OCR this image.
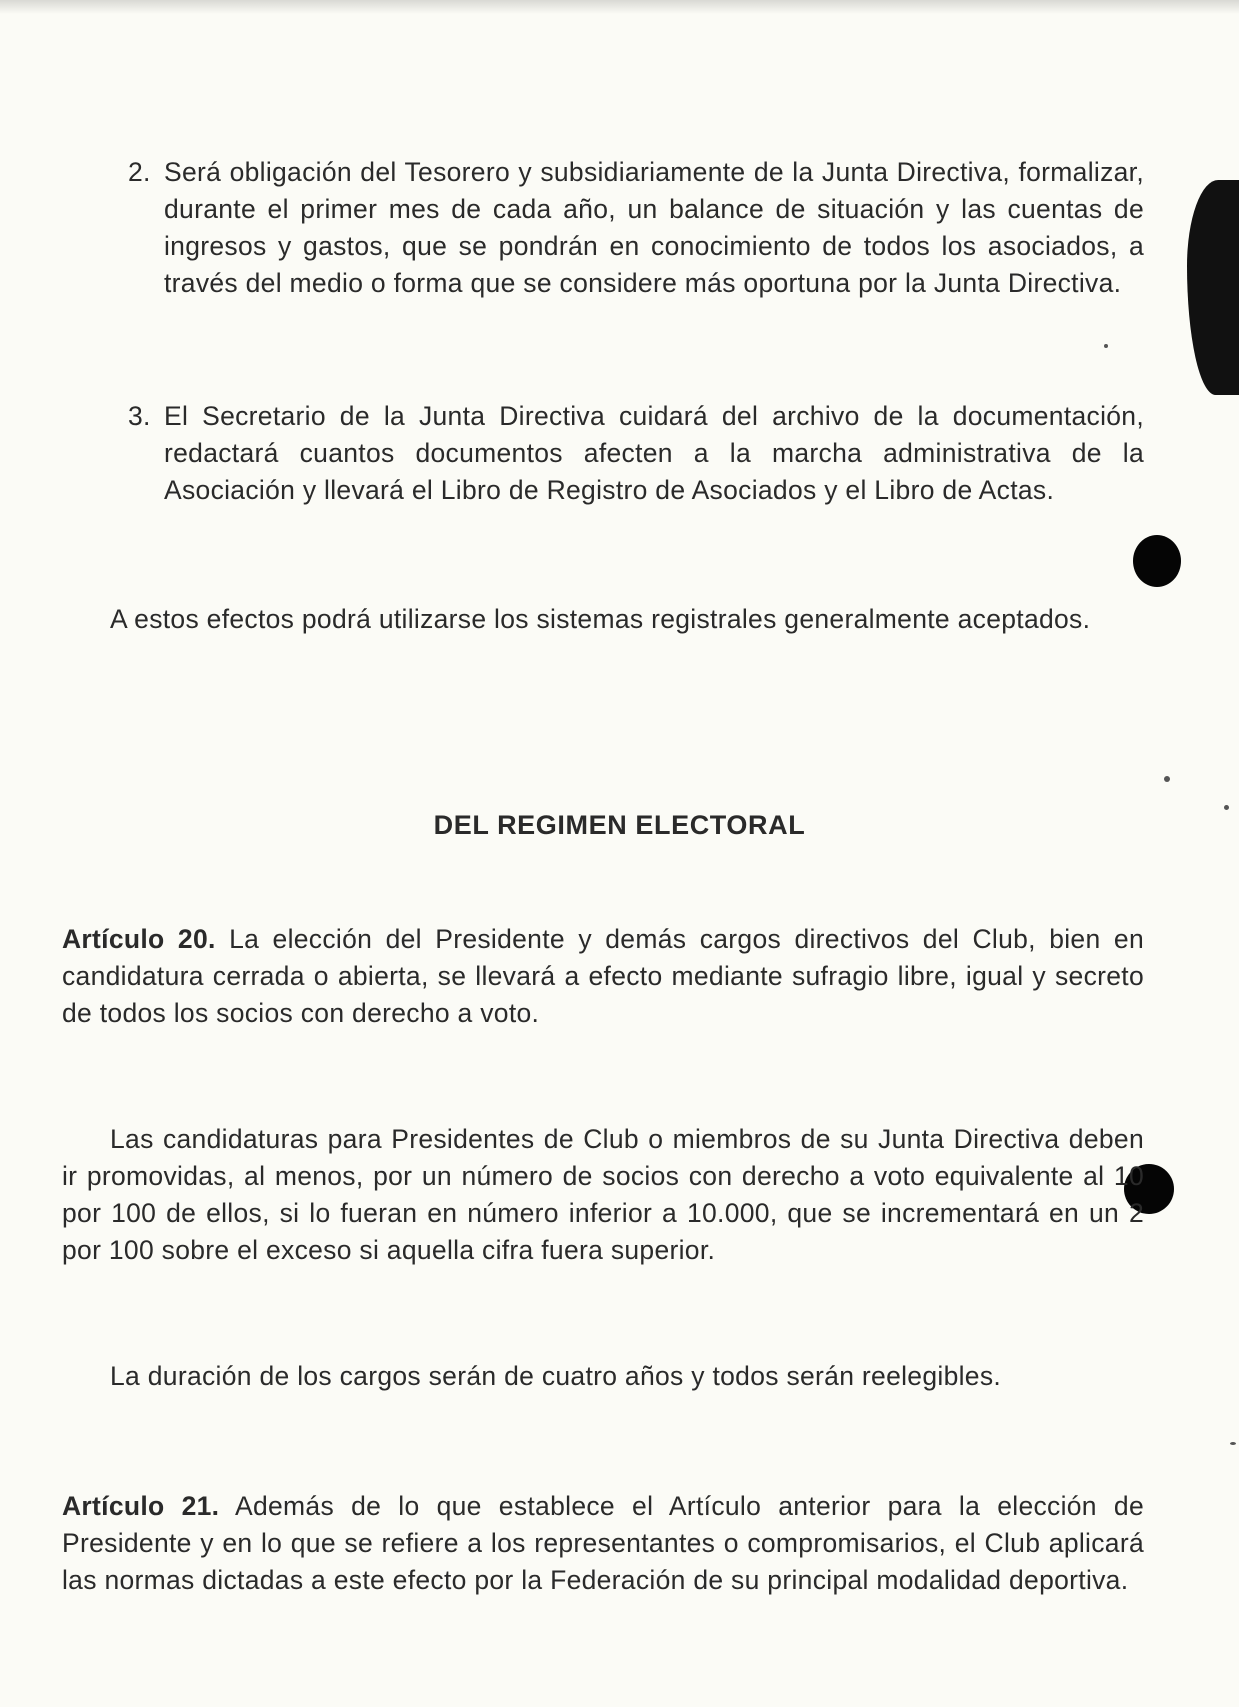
2. Será obligación del Tesorero y subsidiariamente de la Junta Directiva, formalizar, durante el primer mes de cada año, un balance de situación y las cuentas de ingresos y gastos, que se pondrán en conocimiento de todos los asociados, a través del medio o forma que se considere más oportuna por la Junta Directiva.
3. El Secretario de la Junta Directiva cuidará del archivo de la documentación, redactará cuantos documentos afecten a la marcha administrativa de la Asociación y llevará el Libro de Registro de Asociados y el Libro de Actas.

A estos efectos podrá utilizarse los sistemas registrales generalmente aceptados.

DEL REGIMEN ELECTORAL

Artículo 20. La elección del Presidente y demás cargos directivos del Club, bien en candidatura cerrada o abierta, se llevará a efecto mediante sufragio libre, igual y secreto de todos los socios con derecho a voto.

Las candidaturas para Presidentes de Club o miembros de su Junta Directiva deben ir promovidas, al menos, por un número de socios con derecho a voto equivalente al 10 por 100 de ellos, si lo fueran en número inferior a 10.000, que se incrementará en un 2 por 100 sobre el exceso si aquella cifra fuera superior.

La duración de los cargos serán de cuatro años y todos serán reelegibles.

Artículo 21. Además de lo que establece el Artículo anterior para la elección de Presidente y en lo que se refiere a los representantes o compromisarios, el Club aplicará las normas dictadas a este efecto por la Federación de su principal modalidad deportiva.
